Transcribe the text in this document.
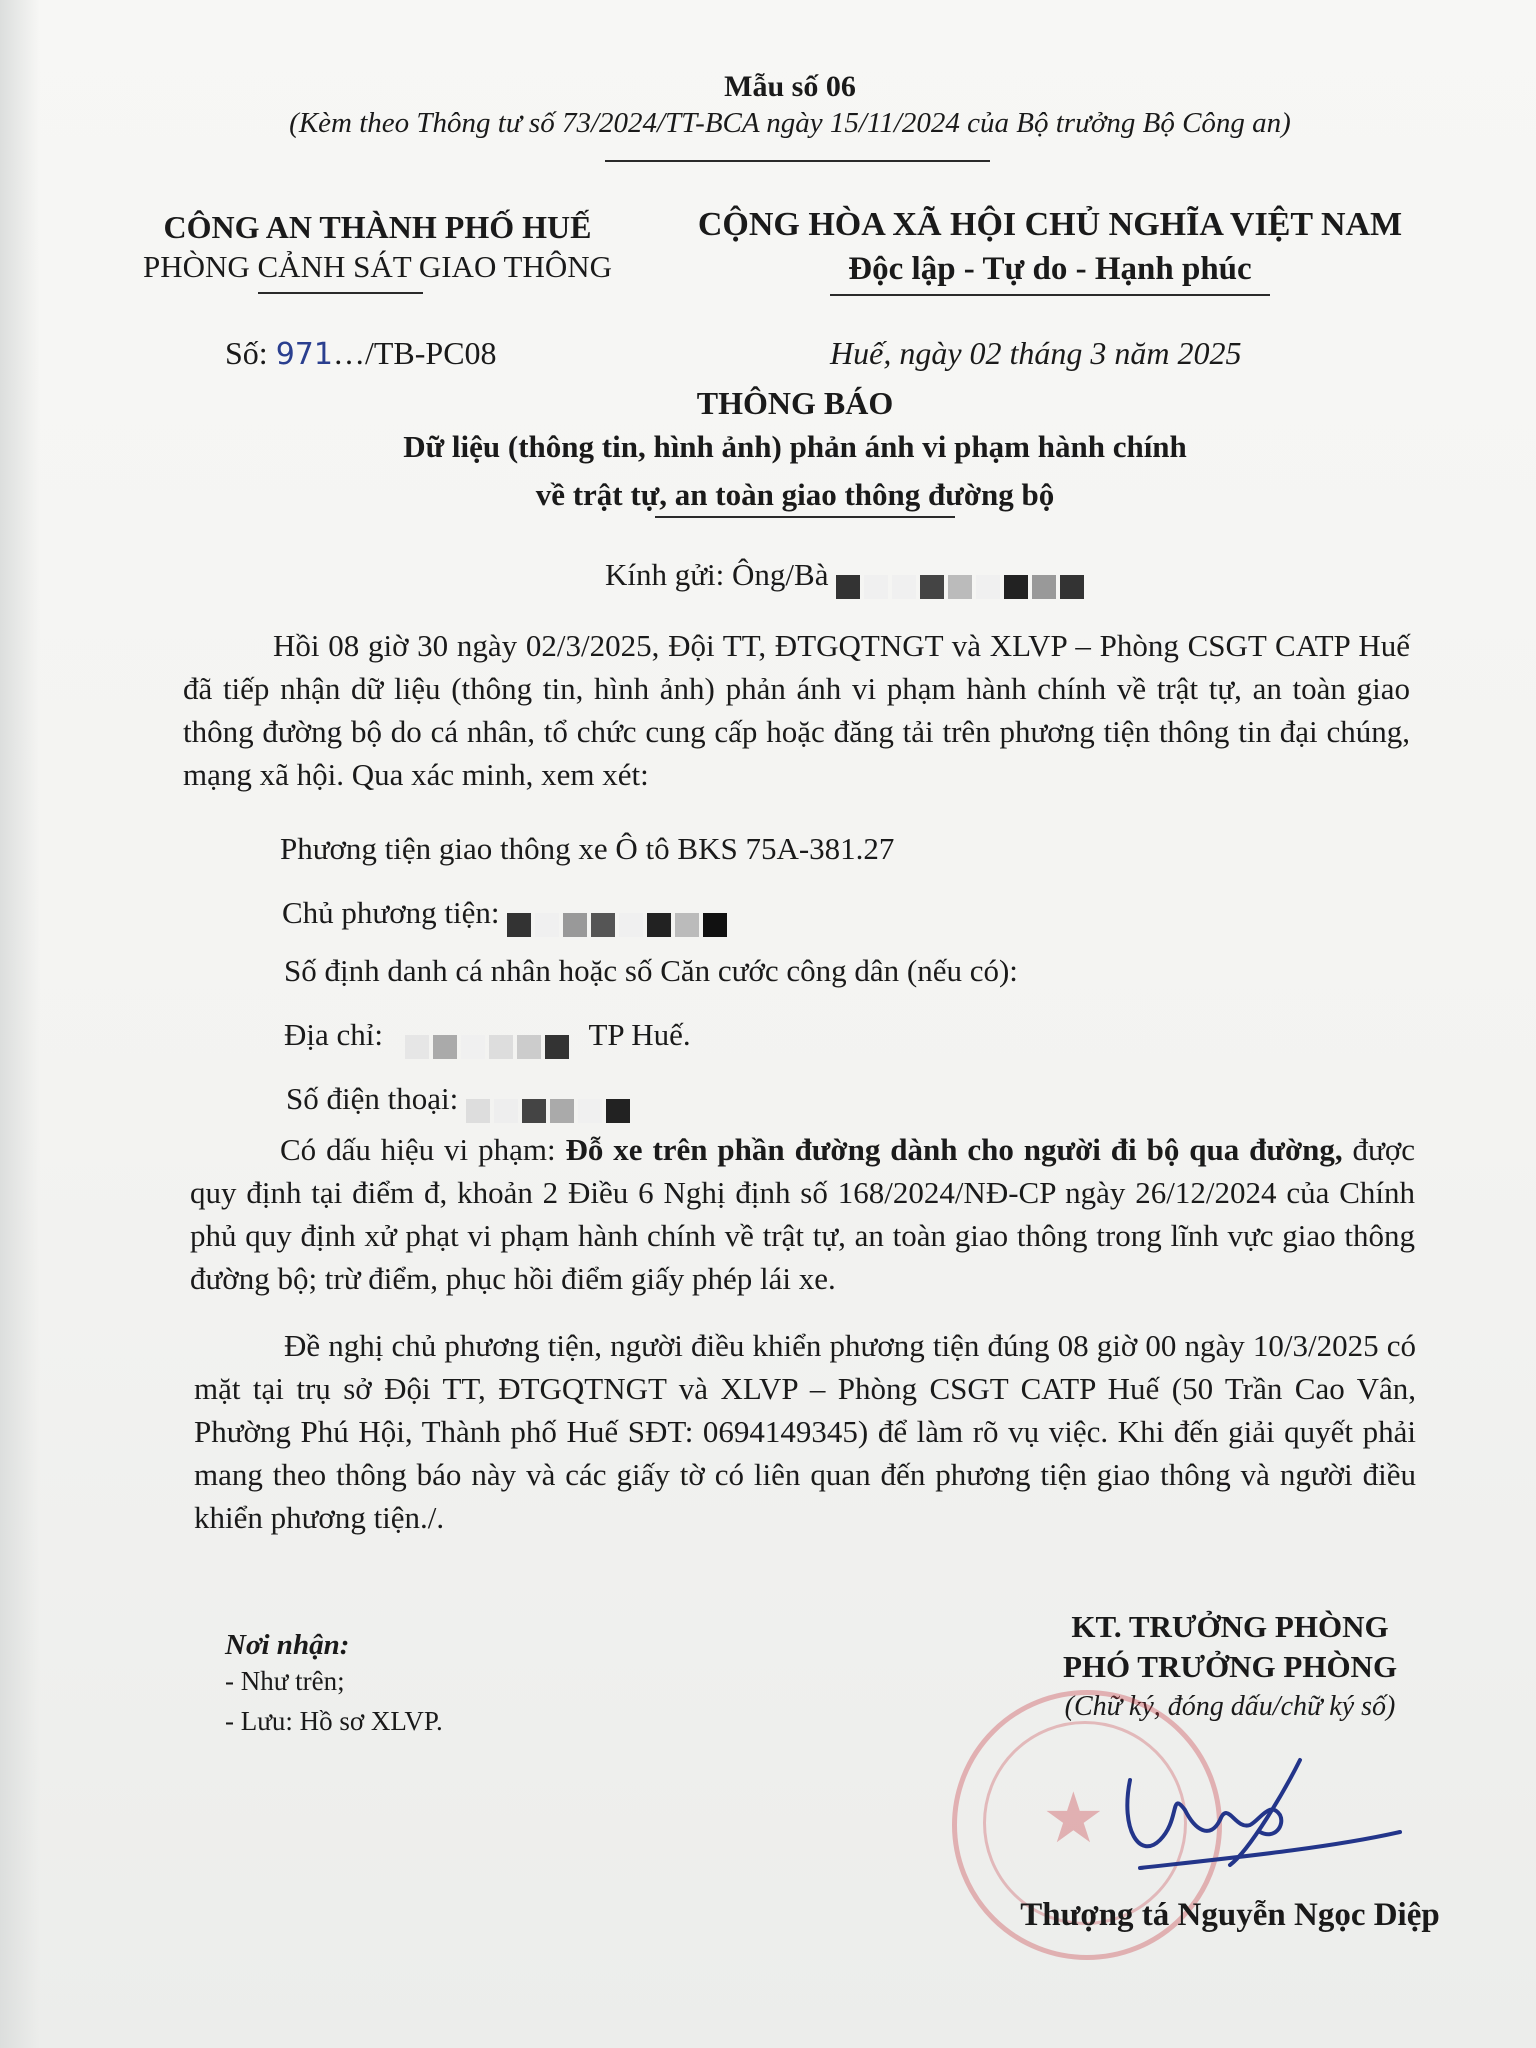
Mẫu số 06
(Kèm theo Thông tư số 73/2024/TT-BCA ngày 15/11/2024 của Bộ trưởng Bộ Công an)
CÔNG AN THÀNH PHỐ HUẾ
PHÒNG CẢNH SÁT GIAO THÔNG
CỘNG HÒA XÃ HỘI CHỦ NGHĨA VIỆT NAM
Độc lập - Tự do - Hạnh phúc
Số: 971…/TB-PC08	Huế, ngày 02 tháng 3 năm 2025
THÔNG BÁO
Dữ liệu (thông tin, hình ảnh) phản ánh vi phạm hành chính
về trật tự, an toàn giao thông đường bộ
Kính gửi: Ông/Bà
Hồi 08 giờ 30 ngày 02/3/2025, Đội TT, ĐTGQTNGT và XLVP – Phòng CSGT CATP Huế đã tiếp nhận dữ liệu (thông tin, hình ảnh) phản ánh vi phạm hành chính về trật tự, an toàn giao thông đường bộ do cá nhân, tổ chức cung cấp hoặc đăng tải trên phương tiện thông tin đại chúng, mạng xã hội. Qua xác minh, xem xét:
Phương tiện giao thông xe Ô tô BKS 75A-381.27
Chủ phương tiện:
Số định danh cá nhân hoặc số Căn cước công dân (nếu có):
Địa chỉ:	TP Huế.
Số điện thoại:
Có dấu hiệu vi phạm: Đỗ xe trên phần đường dành cho người đi bộ qua đường, được quy định tại điểm đ, khoản 2 Điều 6 Nghị định số 168/2024/NĐ-CP ngày 26/12/2024 của Chính phủ quy định xử phạt vi phạm hành chính về trật tự, an toàn giao thông trong lĩnh vực giao thông đường bộ; trừ điểm, phục hồi điểm giấy phép lái xe.
Đề nghị chủ phương tiện, người điều khiển phương tiện đúng 08 giờ 00 ngày 10/3/2025 có mặt tại trụ sở Đội TT, ĐTGQTNGT và XLVP – Phòng CSGT CATP Huế (50 Trần Cao Vân, Phường Phú Hội, Thành phố Huế SĐT: 0694149345) để làm rõ vụ việc. Khi đến giải quyết phải mang theo thông báo này và các giấy tờ có liên quan đến phương tiện giao thông và người điều khiển phương tiện./.
Nơi nhận:
- Như trên;
- Lưu: Hồ sơ XLVP.
KT. TRƯỞNG PHÒNG
PHÓ TRƯỞNG PHÒNG
(Chữ ký, đóng dấu/chữ ký số)
★
Thượng tá Nguyễn Ngọc Diệp
